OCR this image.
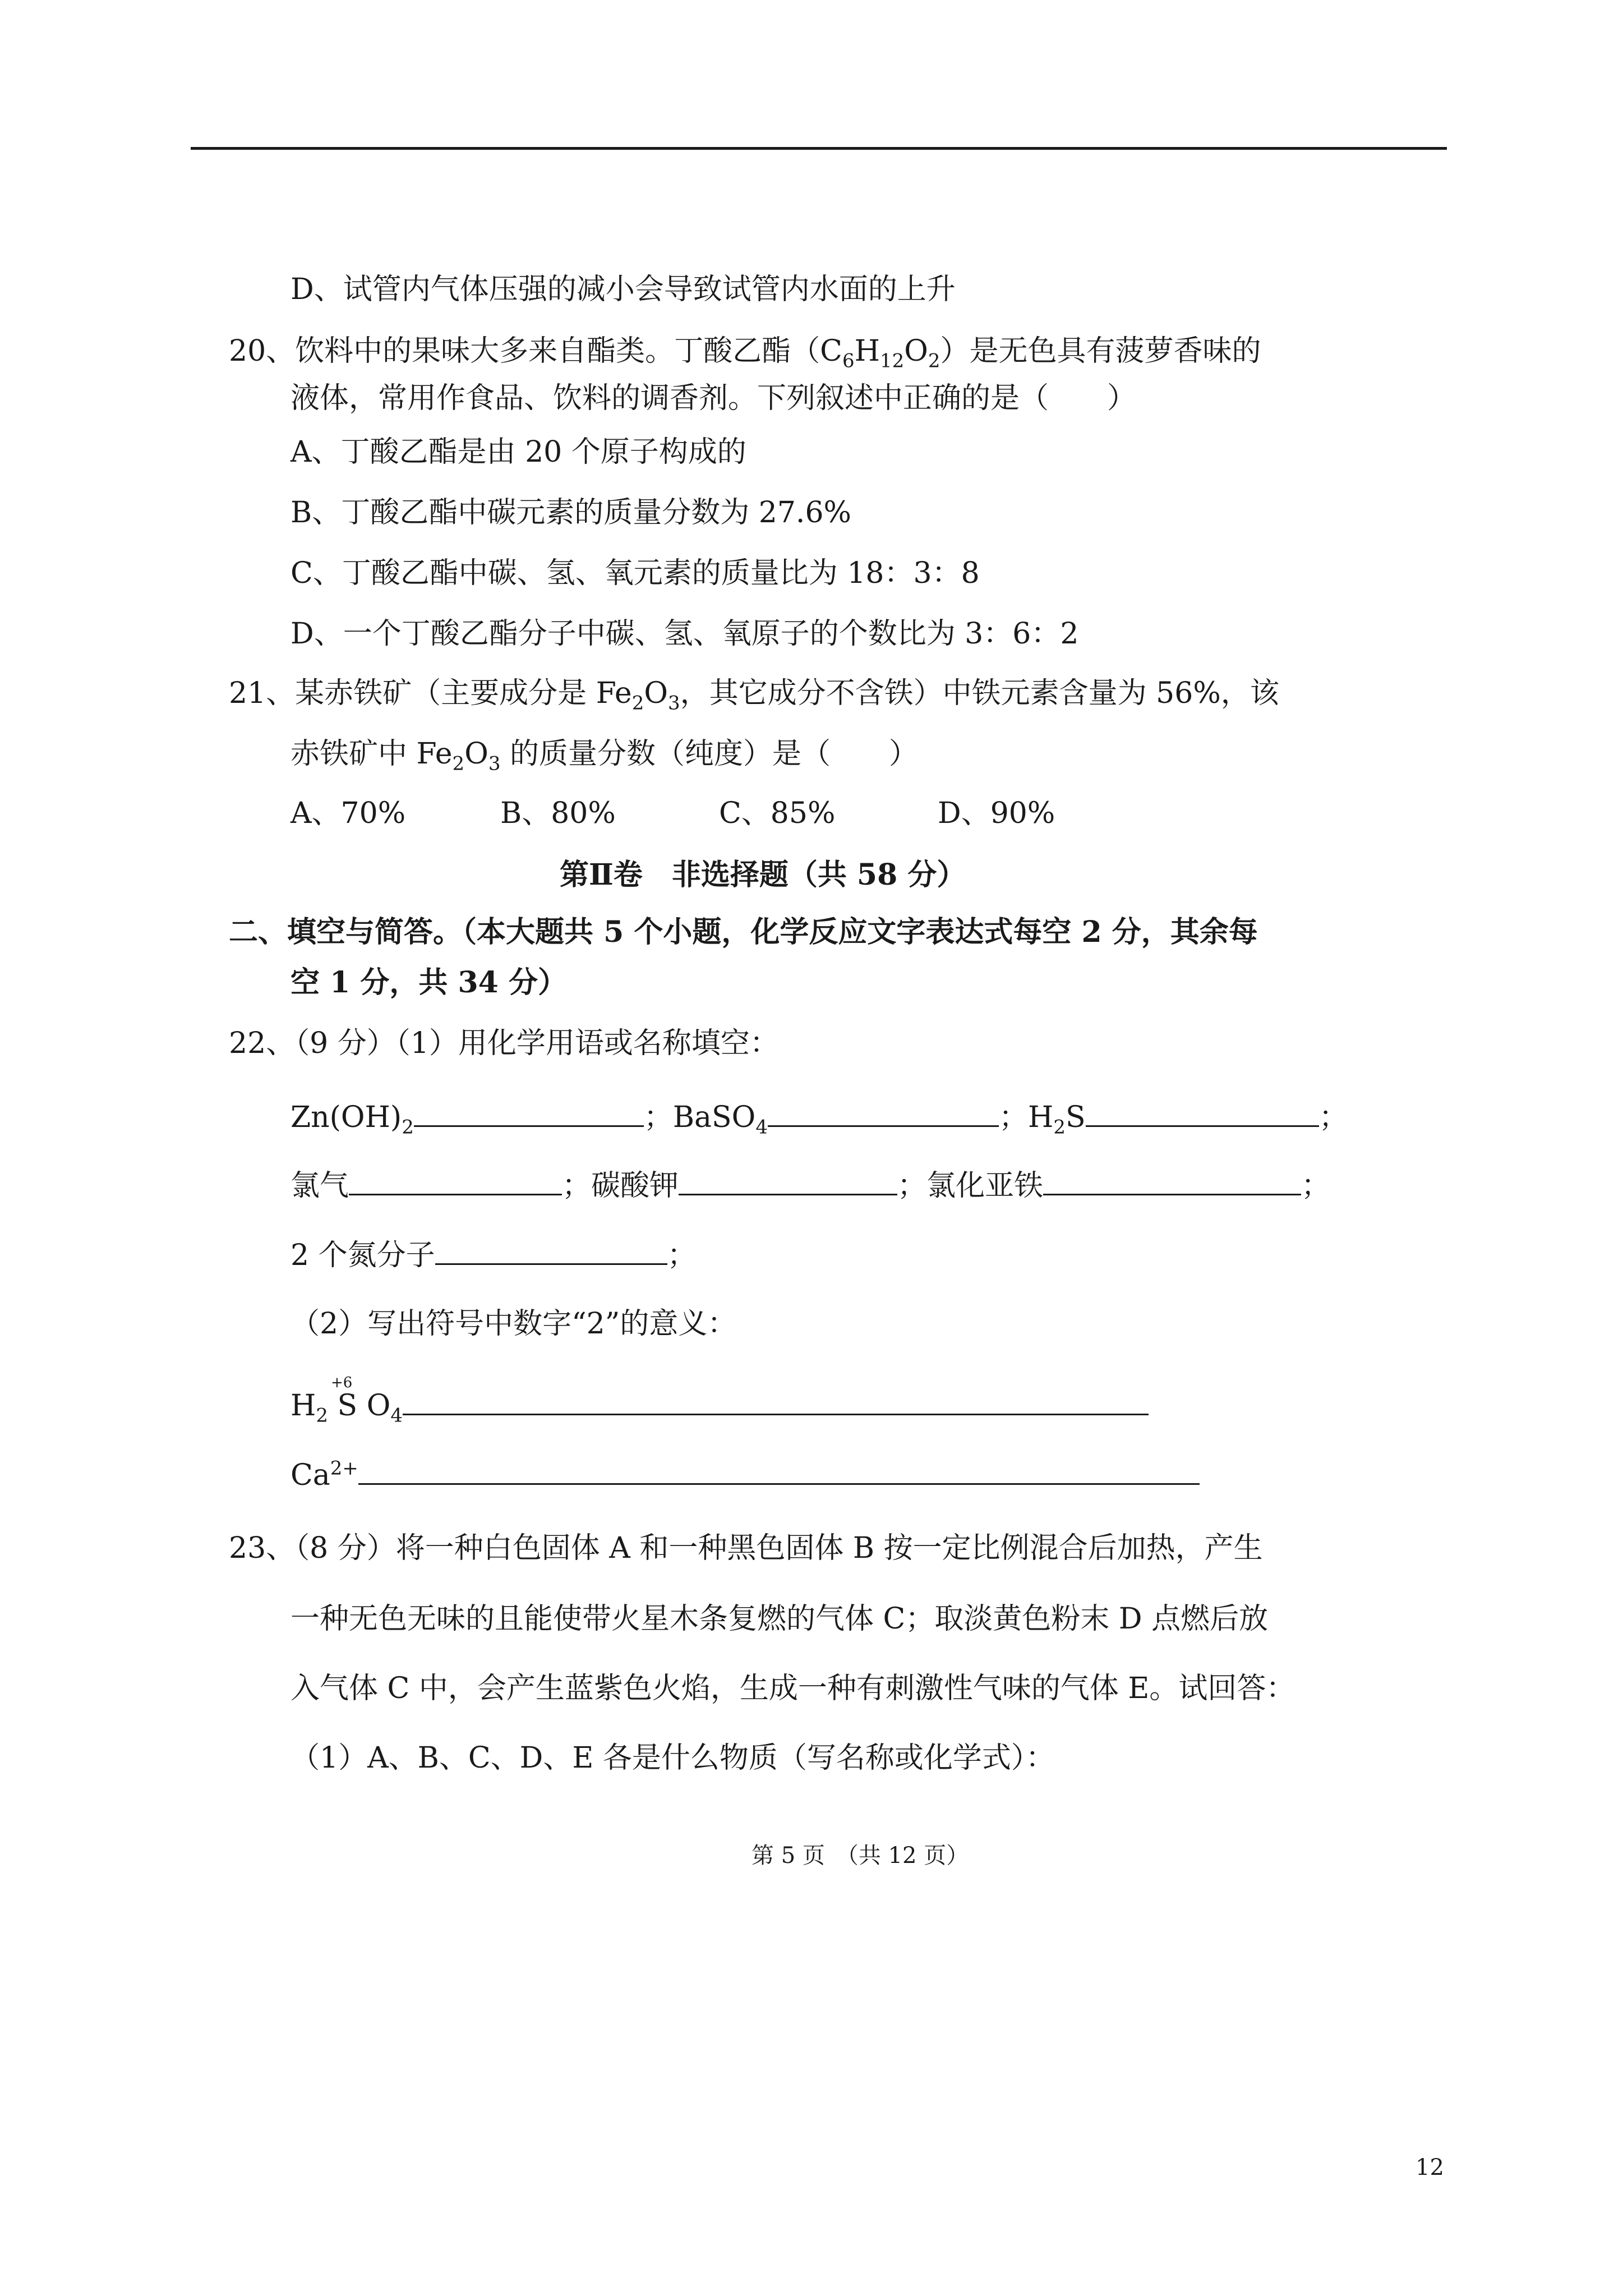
D、试管内气体压强的减小会导致试管内水面的上升
20、饮料中的果味大多来自酯类。丁酸乙酯$(C_6H_{12}O_2)$是无色具有菠萝香味的
液体，常用作食品、饮料的调香剂。下列叙述中正确的是（　　）
A、丁酸乙酯是由 20 个原子构成的
B、丁酸乙酯中碳元素的质量分数为 27.6%
C、丁酸乙酯中碳、氢、氧元素的质量比为 18：3：8
D、一个丁酸乙酯分子中碳、氢、氧原子的个数比为 3：6：2
21、某赤铁矿（主要成分是 $Fe_2O_3$，其它成分不含铁）中铁元素含量为 56%，该
赤铁矿中 $Fe_2O_3$ 的质量分数（纯度）是（　　）
A、70%	B、80%	C、85%	D、90%
第Ⅱ卷　非选择题（共 58 分）
二、填空与简答。（本大题共 5 个小题，化学反应文字表达式每空 2 分，其余每
空 1 分，共 34 分）
22、（9 分）（1）用化学用语或名称填空：
$Zn(OH)_2$	；BaSO$_4$	；$H_2S$	；
氯气	；碳酸钾	；氯化亚铁	；
2 个氮分子	；
（2）写出符号中数字“2”的意义：
+6
$H_2$ S $O_4$
$Ca^{2+}$
23、（8 分）将一种白色固体 A 和一种黑色固体 B 按一定比例混合后加热，产生
一种无色无味的且能使带火星木条复燃的气体 C；取淡黄色粉末 D 点燃后放
入气体 C 中，会产生蓝紫色火焰，生成一种有刺激性气味的气体 E。试回答：
（1）A、B、C、D、E 各是什么物质（写名称或化学式）：
第 5 页　（共 12 页）
12
